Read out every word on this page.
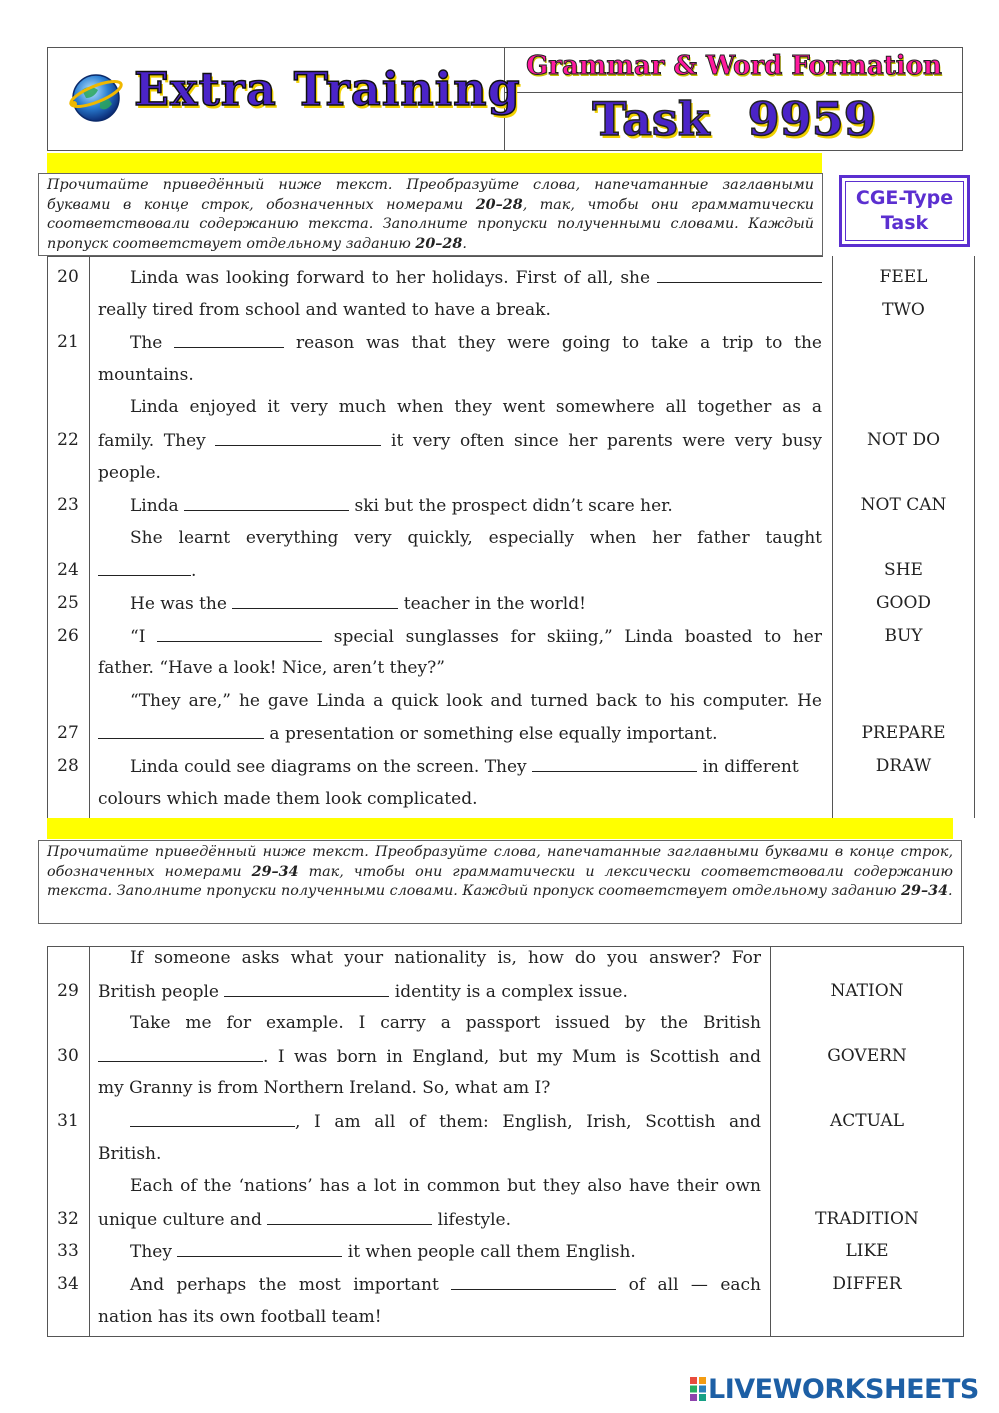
Extra Training Grammar & Word Formation
Task 9959
Прочитайте приведённый ниже текст. Преобразуйте слова, напечатанные заглавными буквами в конце строк, обозначенных номерами 20–28, так, чтобы они грамматически соответствовали содержанию текста. Заполните пропуски полученными словами. Каждый пропуск соответствует отдельному заданию 20–28.
CGE-Type
Task
20	Linda was looking forward to her holidays. First of all, she	FEEL
really tired from school and wanted to have a break.	TWO
21	The	reason was that they were going to take a trip to the
mountains.
Linda enjoyed it very much when they went somewhere all together as a
22	family. They	it very often since her parents were very busy	NOT DO
people.
23	Linda	ski but the prospect didn’t scare her.	NOT CAN
She learnt everything very quickly, especially when her father taught
24	.	SHE
25	He was the	teacher in the world!	GOOD
26	“I	special sunglasses for skiing,” Linda boasted to her	BUY
father. “Have a look! Nice, aren’t they?”
“They are,” he gave Linda a quick look and turned back to his computer. He
27	a presentation or something else equally important.	PREPARE
28	Linda could see diagrams on the screen. They	in different	DRAW
colours which made them look complicated.
Прочитайте приведённый ниже текст. Преобразуйте слова, напечатанные заглавными буквами в конце строк, обозначенных номерами 29–34 так, чтобы они грамматически и лексически соответствовали содержанию текста. Заполните пропуски полученными словами. Каждый пропуск соответствует отдельному заданию 29–34.
If someone asks what your nationality is, how do you answer? For
29	British people	identity is a complex issue.	NATION
Take me for example. I carry a passport issued by the British
30	. I was born in England, but my Mum is Scottish and	GOVERN
my Granny is from Northern Ireland. So, what am I?
31	, I am all of them: English, Irish, Scottish and	ACTUAL
British.
Each of the ‘nations’ has a lot in common but they also have their own
32	unique culture and	lifestyle.	TRADITION
33	They	it when people call them English.	LIKE
34	And perhaps the most important	of all — each	DIFFER
nation has its own football team!
LIVEWORKSHEETS
